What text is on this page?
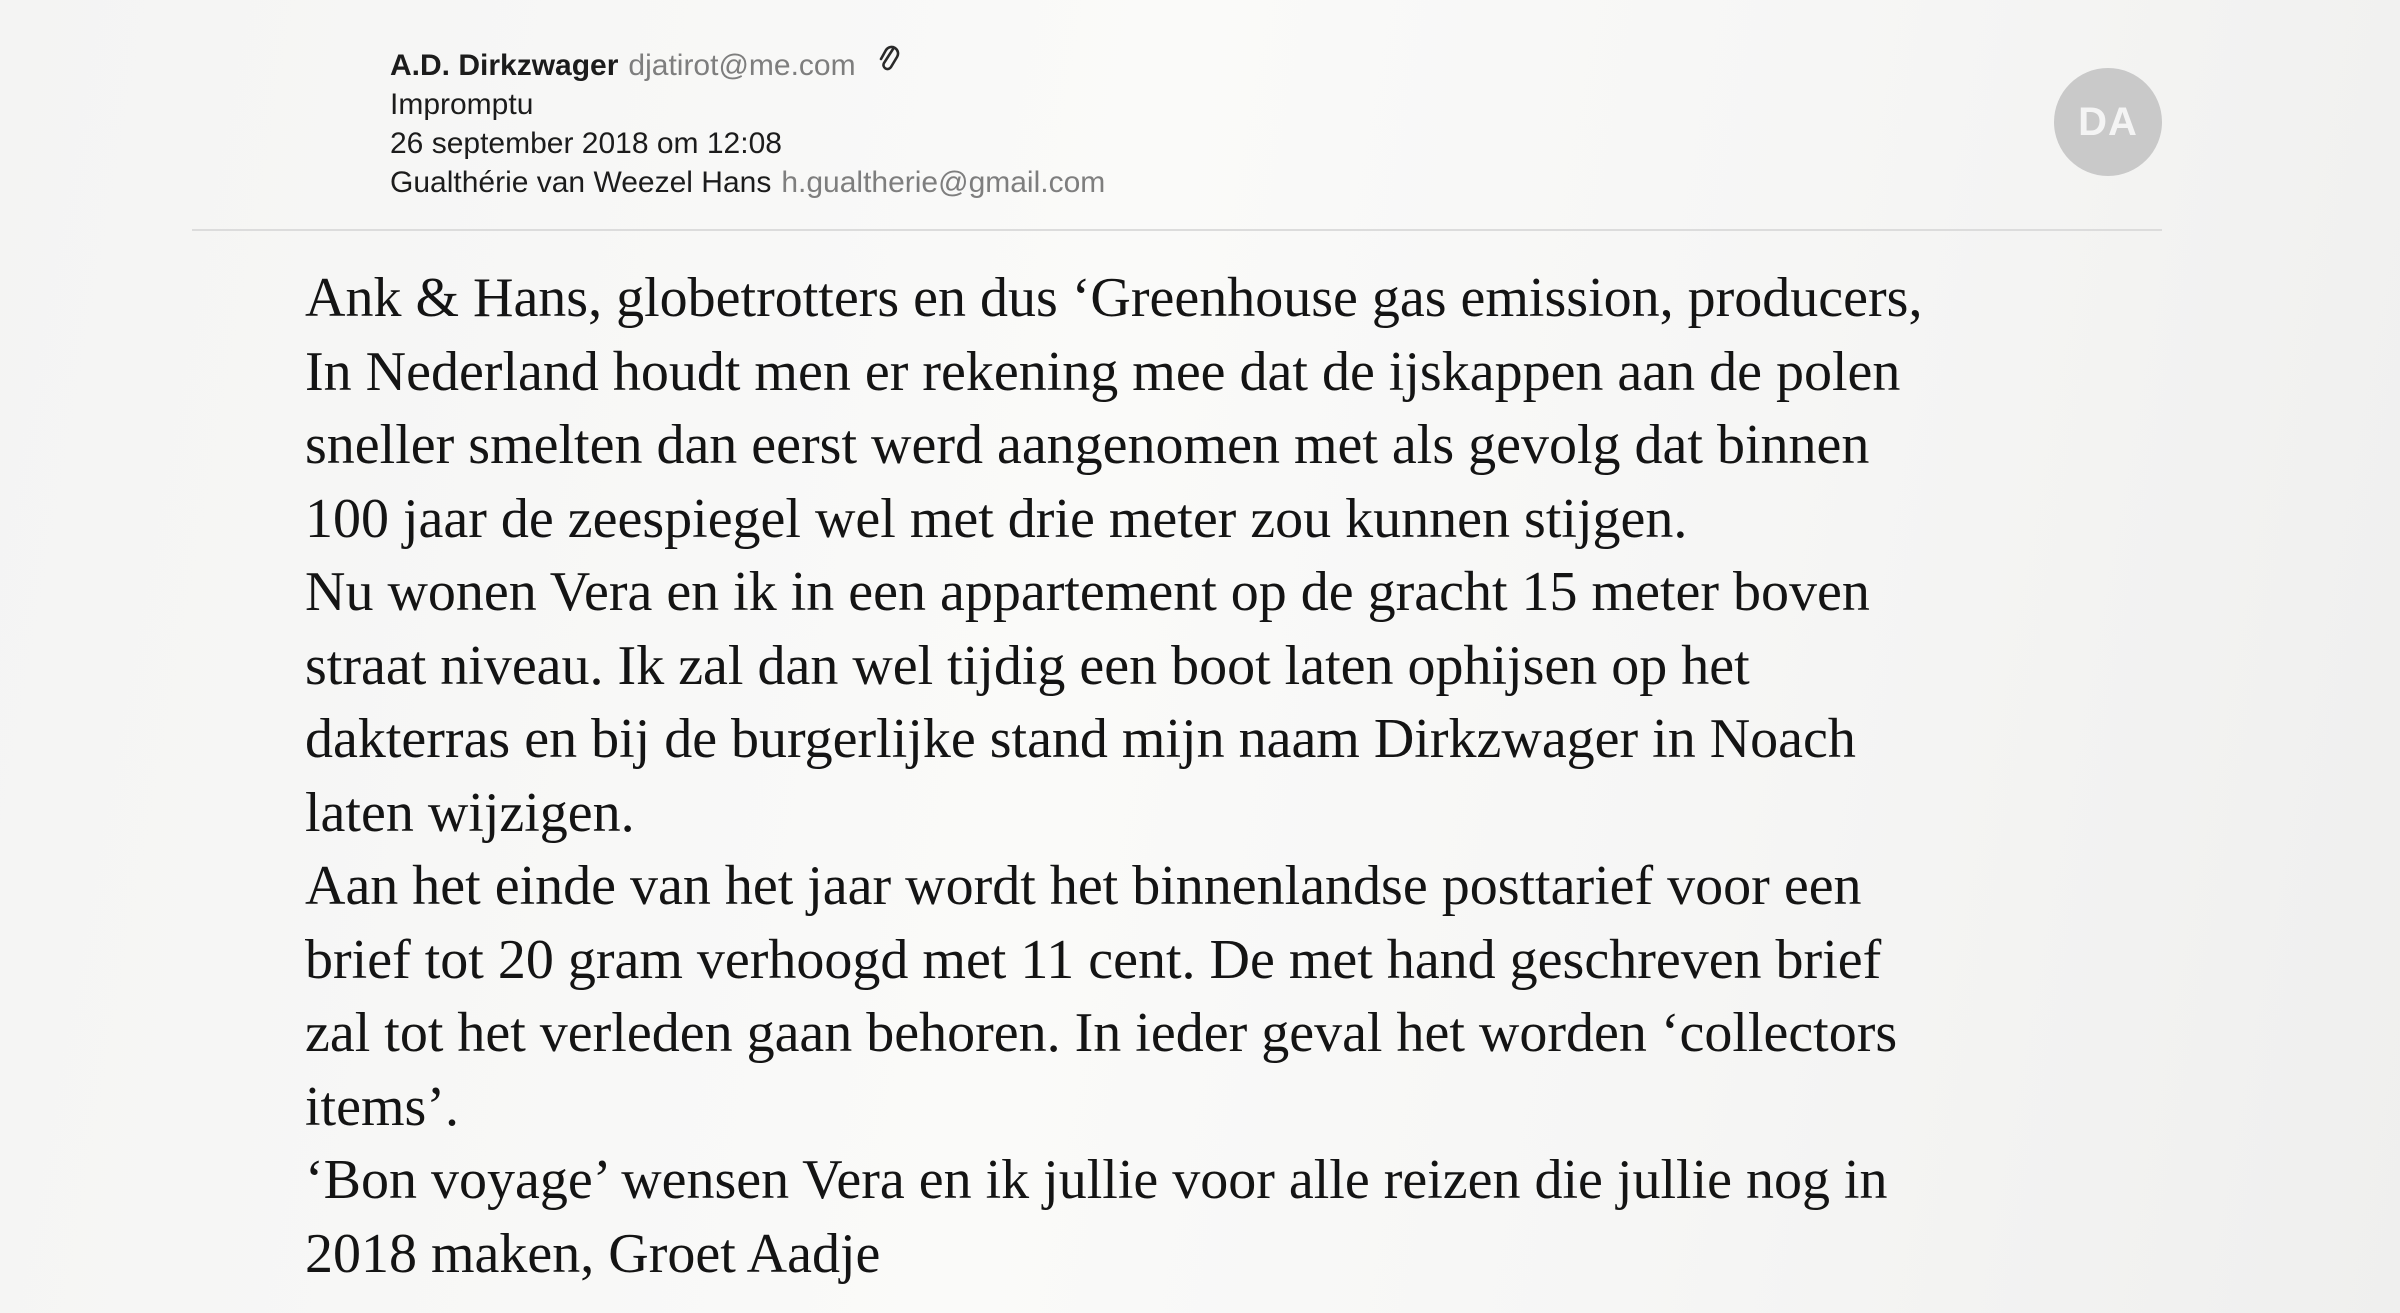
A.D. Dirkzwager djatirot@me.com
Impromptu
26 september 2018 om 12:08
Gualthérie van Weezel Hans h.gualtherie@gmail.com
DA
Ank & Hans, globetrotters en dus ‘Greenhouse gas emission, producers,
In Nederland houdt men er rekening mee dat de ijskappen aan de polen
sneller smelten dan eerst werd aangenomen met als gevolg dat binnen
100 jaar de zeespiegel wel met drie meter zou kunnen stijgen.
Nu wonen Vera en ik in een appartement op de gracht 15 meter boven
straat niveau. Ik zal dan wel tijdig een boot laten ophijsen op het
dakterras en bij de burgerlijke stand mijn naam Dirkzwager in Noach
laten wijzigen.
Aan het einde van het jaar wordt het binnenlandse posttarief voor een
brief tot 20 gram verhoogd met 11 cent. De met hand geschreven brief
zal tot het verleden gaan behoren. In ieder geval het worden ‘collectors
items’.
‘Bon voyage’ wensen Vera en ik jullie voor alle reizen die jullie nog in
2018 maken, Groet Aadje
